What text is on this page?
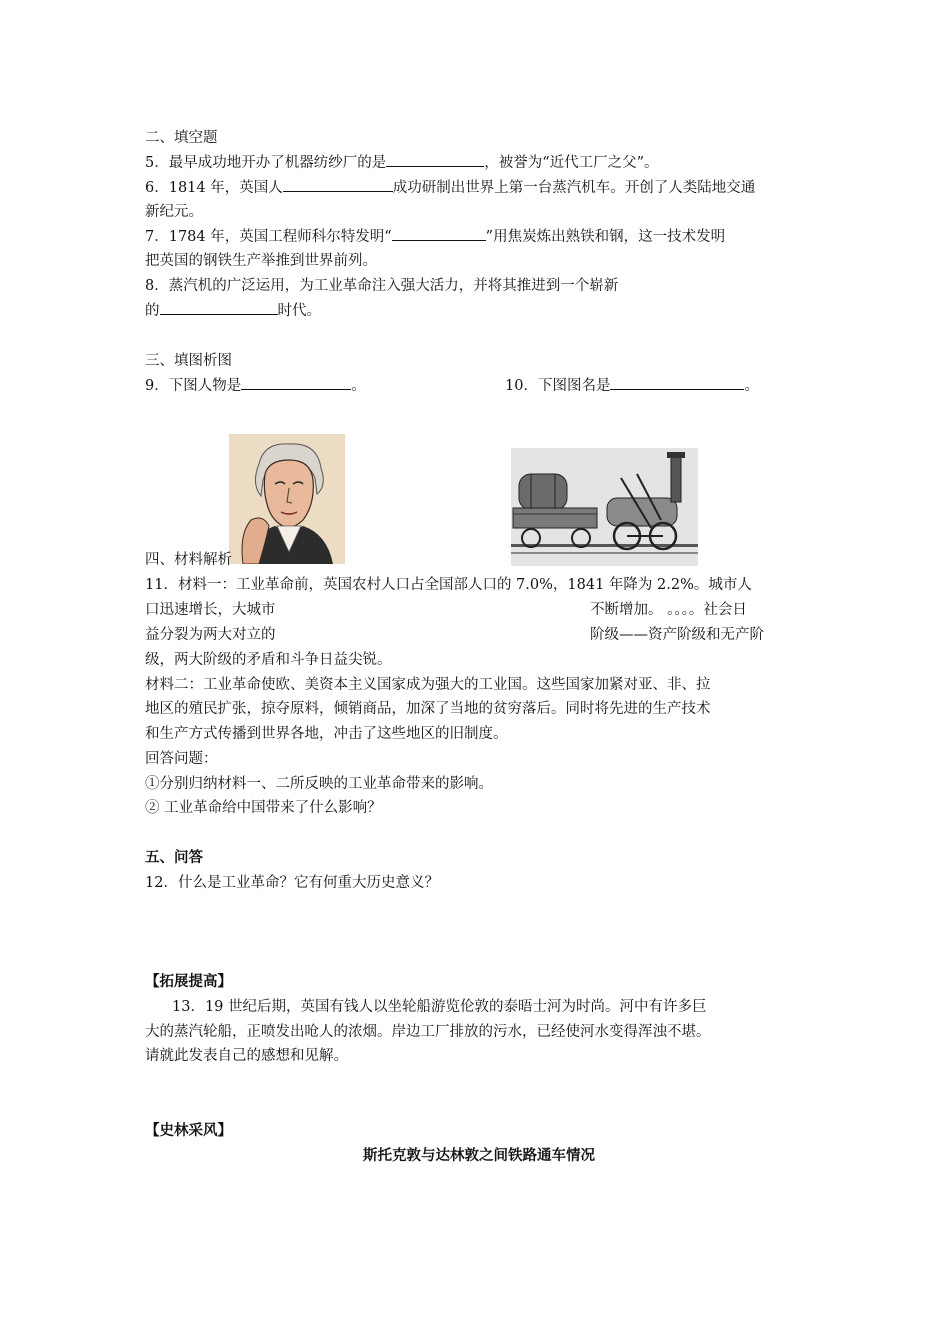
二、填空题
5．最早成功地开办了机器纺纱厂的是	，被誉为“近代工厂之父”。
6．1814 年，英国人	成功研制出世界上第一台蒸汽机车。开创了人类陆地交通
新纪元。
7．1784 年，英国工程师科尔特发明“	”用焦炭炼出熟铁和钢，这一技术发明
把英国的钢铁生产举推到世界前列。
8．蒸汽机的广泛运用，为工业革命注入强大活力，并将其推进到一个崭新
的	时代。
三、填图析图
9．下图人物是	。	10．下图图名是	。
四、材料解析
11．材料一：工业革命前，英国农村人口占全国部人口的 7.0%，1841 年降为 2.2%。城市人
口迅速增长，大城市	不断增加。 。。。。社会日
益分裂为两大对立的	阶级——资产阶级和无产阶
级，两大阶级的矛盾和斗争日益尖锐。
材料二：工业革命使欧、美资本主义国家成为强大的工业国。这些国家加紧对亚、非、拉
地区的殖民扩张，掠夺原料，倾销商品，加深了当地的贫穷落后。同时将先进的生产技术
和生产方式传播到世界各地，冲击了这些地区的旧制度。
回答问题：
①分别归纳材料一、二所反映的工业革命带来的影响。
② 工业革命给中国带来了什么影响？
五、问答
12．什么是工业革命？它有何重大历史意义？
【拓展提高】
13．19 世纪后期，英国有钱人以坐轮船游览伦敦的泰晤士河为时尚。河中有许多巨
大的蒸汽轮船，正喷发出呛人的浓烟。岸边工厂排放的污水，已经使河水变得浑浊不堪。
请就此发表自己的感想和见解。
【史林采风】
斯托克敦与达林敦之间铁路通车情况
